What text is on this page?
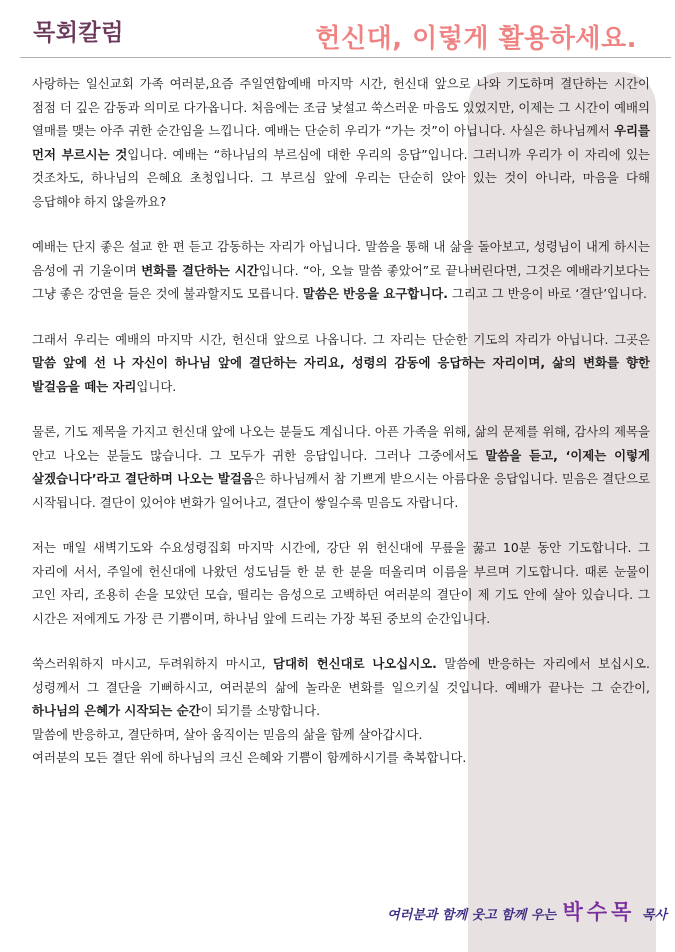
목회칼럼	헌신대, 이렇게 활용하세요.

사랑하는 일신교회 가족 여러분,요즘 주일연합예배 마지막 시간, 헌신대 앞으로 나와 기도하며 결단하는 시간이 점점 더 깊은 감동과 의미로 다가옵니다. 처음에는 조금 낯설고 쑥스러운 마음도 있었지만, 이제는 그 시간이 예배의 열매를 맺는 아주 귀한 순간임을 느낍니다. 예배는 단순히 우리가 “가는 것”이 아닙니다. 사실은 하나님께서 우리를 먼저 부르시는 것입니다. 예배는 “하나님의 부르심에 대한 우리의 응답”입니다. 그러니까 우리가 이 자리에 있는 것조차도, 하나님의 은혜요 초청입니다. 그 부르심 앞에 우리는 단순히 앉아 있는 것이 아니라, 마음을 다해 응답해야 하지 않을까요?

예배는 단지 좋은 설교 한 편 듣고 감동하는 자리가 아닙니다. 말씀을 통해 내 삶을 돌아보고, 성령님이 내게 하시는 음성에 귀 기울이며 변화를 결단하는 시간입니다. “아, 오늘 말씀 좋았어”로 끝나버린다면, 그것은 예배라기보다는 그냥 좋은 강연을 들은 것에 불과할지도 모릅니다. 말씀은 반응을 요구합니다. 그리고 그 반응이 바로 ‘결단’입니다.

그래서 우리는 예배의 마지막 시간, 헌신대 앞으로 나옵니다. 그 자리는 단순한 기도의 자리가 아닙니다. 그곳은 말씀 앞에 선 나 자신이 하나님 앞에 결단하는 자리요, 성령의 감동에 응답하는 자리이며, 삶의 변화를 향한 발걸음을 떼는 자리입니다.

물론, 기도 제목을 가지고 헌신대 앞에 나오는 분들도 계십니다. 아픈 가족을 위해, 삶의 문제를 위해, 감사의 제목을 안고 나오는 분들도 많습니다. 그 모두가 귀한 응답입니다. 그러나 그중에서도 말씀을 듣고, ‘이제는 이렇게 살겠습니다’라고 결단하며 나오는 발걸음은 하나님께서 참 기쁘게 받으시는 아름다운 응답입니다. 믿음은 결단으로 시작됩니다. 결단이 있어야 변화가 일어나고, 결단이 쌓일수록 믿음도 자랍니다.

저는 매일 새벽기도와 수요성령집회 마지막 시간에, 강단 위 헌신대에 무릎을 꿇고 10분 동안 기도합니다. 그 자리에 서서, 주일에 헌신대에 나왔던 성도님들 한 분 한 분을 떠올리며 이름을 부르며 기도합니다. 때론 눈물이 고인 자리, 조용히 손을 모았던 모습, 떨리는 음성으로 고백하던 여러분의 결단이 제 기도 안에 살아 있습니다. 그 시간은 저에게도 가장 큰 기쁨이며, 하나님 앞에 드리는 가장 복된 중보의 순간입니다.

쑥스러워하지 마시고, 두려워하지 마시고, 담대히 헌신대로 나오십시오. 말씀에 반응하는 자리에서 보십시오. 성령께서 그 결단을 기뻐하시고, 여러분의 삶에 놀라운 변화를 일으키실 것입니다. 예배가 끝나는 그 순간이, 하나님의 은혜가 시작되는 순간이 되기를 소망합니다.

말씀에 반응하고, 결단하며, 살아 움직이는 믿음의 삶을 함께 살아갑시다.

여러분의 모든 결단 위에 하나님의 크신 은혜와 기쁨이 함께하시기를 축복합니다.

여러분과 함께 웃고 함께 우는 박수목 목사
